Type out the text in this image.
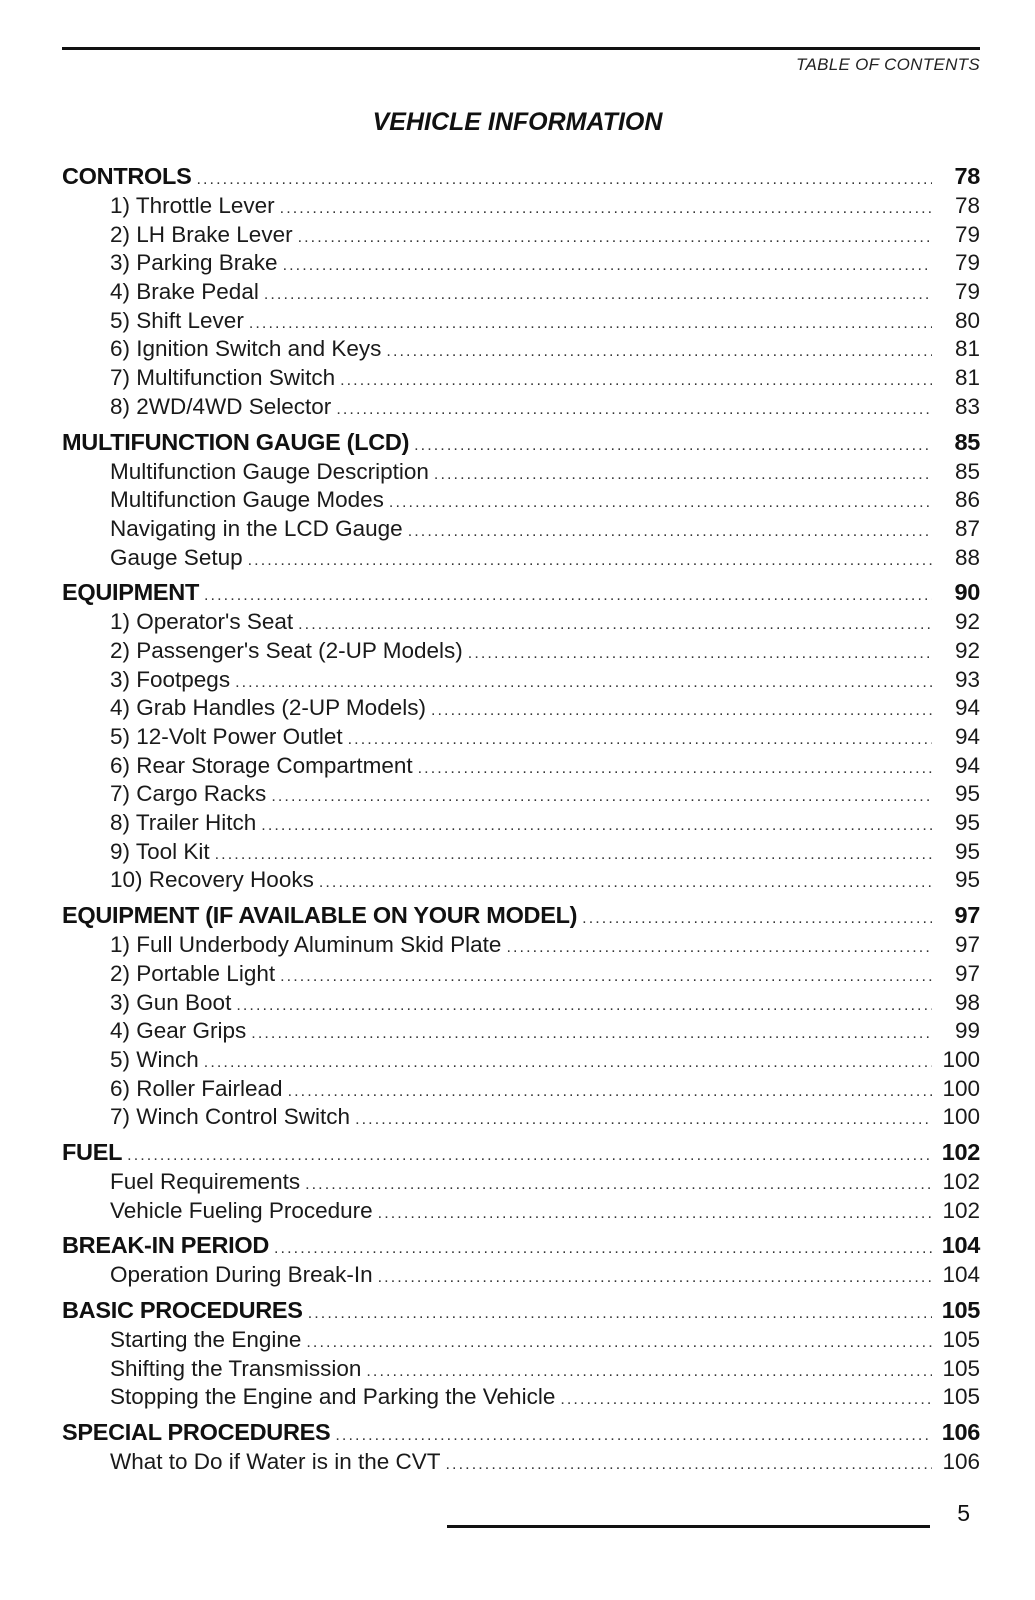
TABLE OF CONTENTS
VEHICLE INFORMATION
CONTROLS .....	78
1) Throttle Lever .....	78
2) LH Brake Lever .....	79
3) Parking Brake .....	79
4) Brake Pedal .....	79
5) Shift Lever .....	80
6) Ignition Switch and Keys .....	81
7) Multifunction Switch .....	81
8) 2WD/4WD Selector .....	83
MULTIFUNCTION GAUGE (LCD) .....	85
Multifunction Gauge Description .....	85
Multifunction Gauge Modes .....	86
Navigating in the LCD Gauge .....	87
Gauge Setup .....	88
EQUIPMENT .....	90
1) Operator's Seat .....	92
2) Passenger's Seat (2-UP Models) .....	92
3) Footpegs .....	93
4) Grab Handles (2-UP Models) .....	94
5) 12-Volt Power Outlet .....	94
6) Rear Storage Compartment .....	94
7) Cargo Racks .....	95
8) Trailer Hitch .....	95
9) Tool Kit .....	95
10) Recovery Hooks .....	95
EQUIPMENT (IF AVAILABLE ON YOUR MODEL) .....	97
1) Full Underbody Aluminum Skid Plate .....	97
2) Portable Light .....	97
3) Gun Boot .....	98
4) Gear Grips .....	99
5) Winch .....	100
6) Roller Fairlead .....	100
7) Winch Control Switch .....	100
FUEL .....	102
Fuel Requirements .....	102
Vehicle Fueling Procedure .....	102
BREAK-IN PERIOD .....	104
Operation During Break-In .....	104
BASIC PROCEDURES .....	105
Starting the Engine .....	105
Shifting the Transmission .....	105
Stopping the Engine and Parking the Vehicle .....	105
SPECIAL PROCEDURES .....	106
What to Do if Water is in the CVT .....	106
5
